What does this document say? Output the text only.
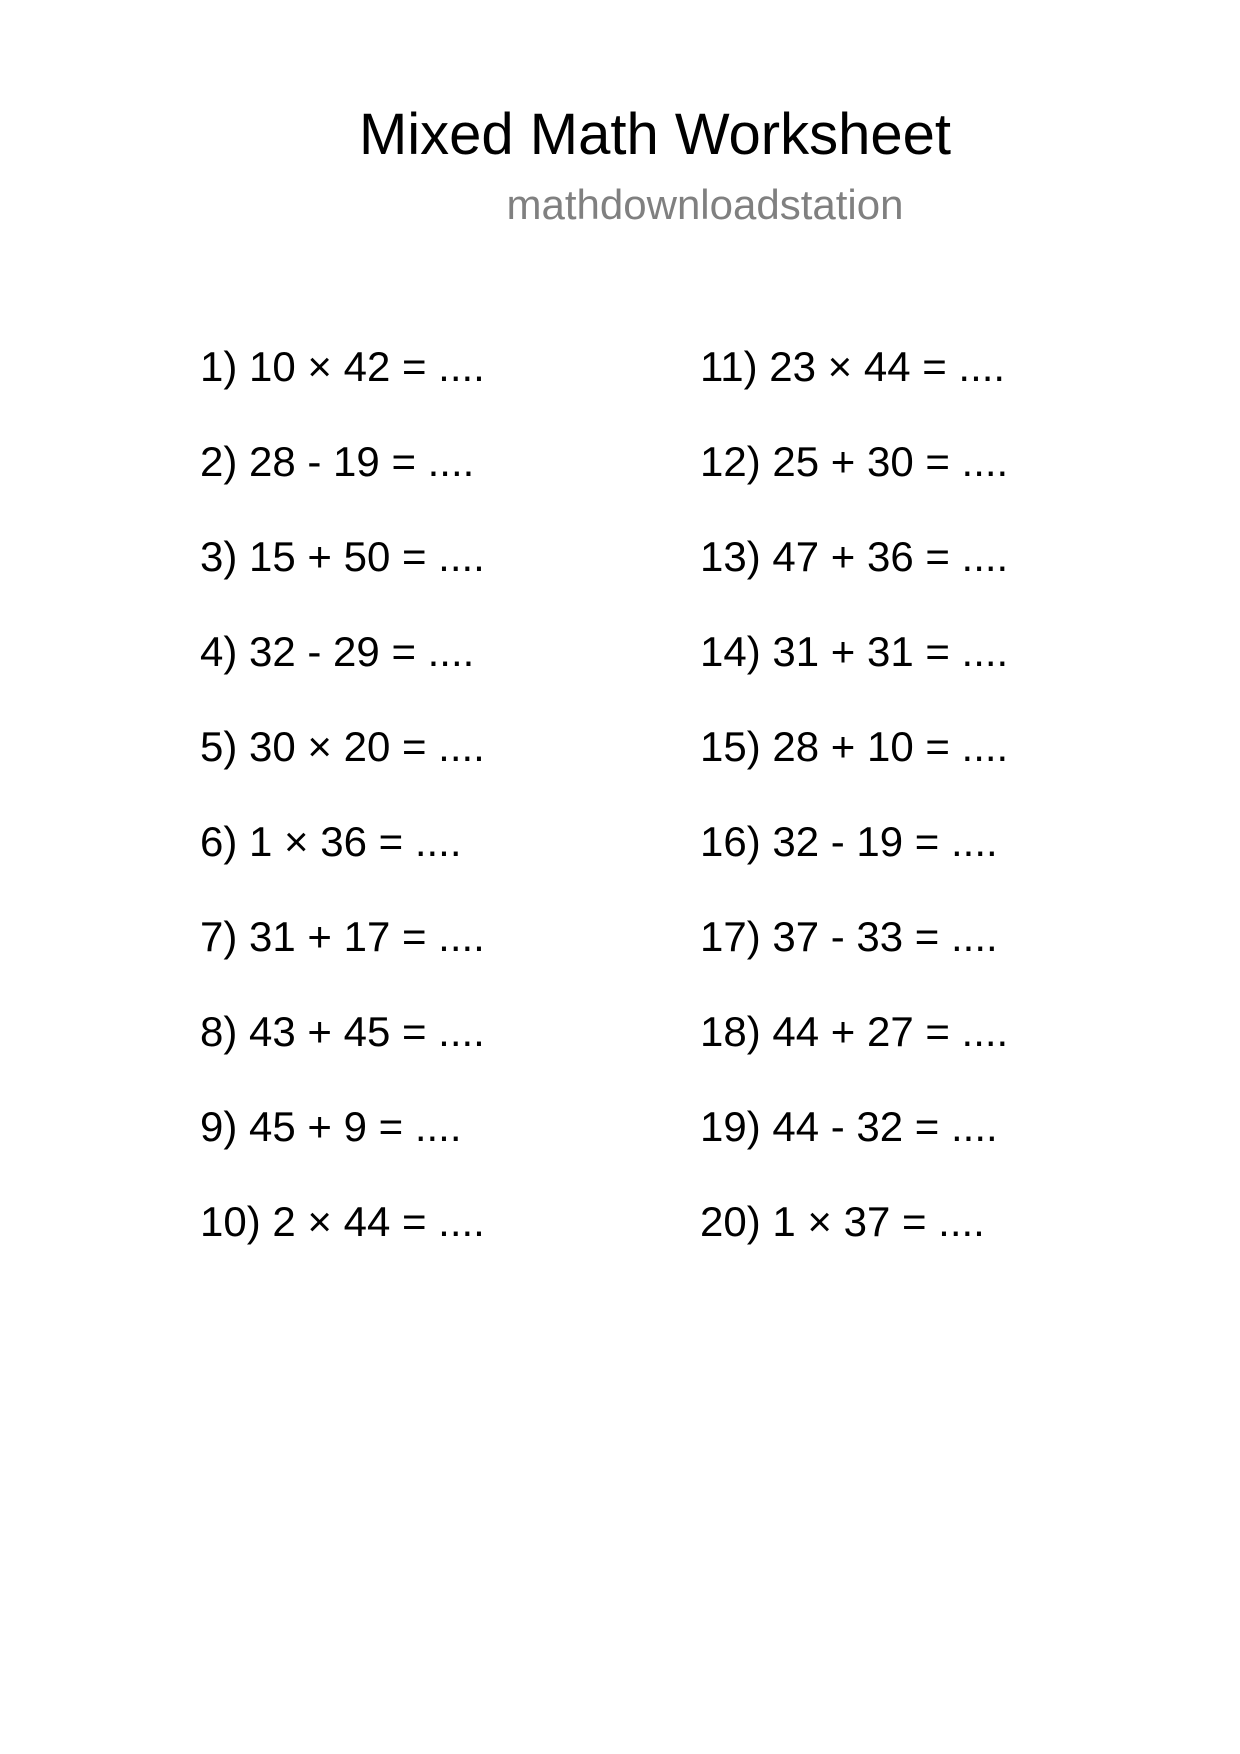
Mixed Math Worksheet
mathdownloadstation
1) 10 × 42 = ....
2) 28 - 19 = ....
3) 15 + 50 = ....
4) 32 - 29 = ....
5) 30 × 20 = ....
6) 1 × 36 = ....
7) 31 + 17 = ....
8) 43 + 45 = ....
9) 45 + 9 = ....
10) 2 × 44 = ....
11) 23 × 44 = ....
12) 25 + 30 = ....
13) 47 + 36 = ....
14) 31 + 31 = ....
15) 28 + 10 = ....
16) 32 - 19 = ....
17) 37 - 33 = ....
18) 44 + 27 = ....
19) 44 - 32 = ....
20) 1 × 37 = ....
